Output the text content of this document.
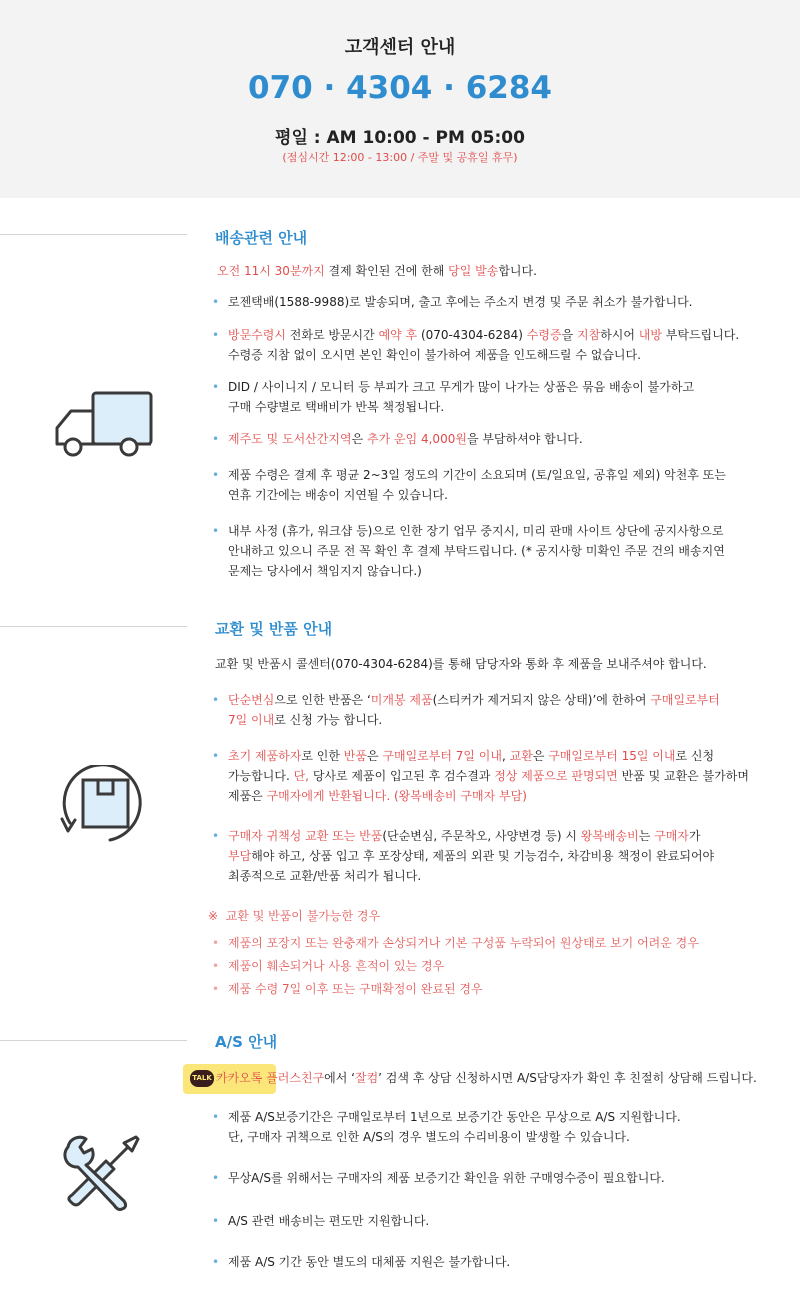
고객센터 안내
070 · 4304 · 6284
평일 : AM 10:00 - PM 05:00
(점심시간 12:00 - 13:00 / 주말 및 공휴일 휴무)
배송관련 안내
오전 11시 30분까지 결제 확인된 건에 한해 당일 발송합니다.
• 로젠택배(1588-9988)로 발송되며, 출고 후에는 주소지 변경 및 주문 취소가 불가합니다.
• 방문수령시 전화로 방문시간 예약 후 (070-4304-6284) 수령증을 지참하시어 내방 부탁드립니다.
수령증 지참 없이 오시면 본인 확인이 불가하여 제품을 인도해드릴 수 없습니다.
• DID / 사이니지 / 모니터 등 부피가 크고 무게가 많이 나가는 상품은 묶음 배송이 불가하고
구매 수량별로 택배비가 반복 책정됩니다.
• 제주도 및 도서산간지역은 추가 운임 4,000원을 부담하셔야 합니다.
• 제품 수령은 결제 후 평균 2~3일 정도의 기간이 소요되며 (토/일요일, 공휴일 제외) 악천후 또는
연휴 기간에는 배송이 지연될 수 있습니다.
• 내부 사정 (휴가, 워크샵 등)으로 인한 장기 업무 중지시, 미리 판매 사이트 상단에 공지사항으로
안내하고 있으니 주문 전 꼭 확인 후 결제 부탁드립니다. (* 공지사항 미확인 주문 건의 배송지연
문제는 당사에서 책임지지 않습니다.)
교환 및 반품 안내
교환 및 반품시 콜센터(070-4304-6284)를 통해 담당자와 통화 후 제품을 보내주셔야 합니다.
• 단순변심으로 인한 반품은 ‘미개봉 제품(스티커가 제거되지 않은 상태)’에 한하여 구매일로부터
7일 이내로 신청 가능 합니다.
• 초기 제품하자로 인한 반품은 구매일로부터 7일 이내, 교환은 구매일로부터 15일 이내로 신청
가능합니다. 단, 당사로 제품이 입고된 후 검수결과 정상 제품으로 판명되면 반품 및 교환은 불가하며
제품은 구매자에게 반환됩니다. (왕복배송비 구매자 부담)
• 구매자 귀책성 교환 또는 반품(단순변심, 주문착오, 사양변경 등) 시 왕복배송비는 구매자가
부담해야 하고, 상품 입고 후 포장상태, 제품의 외관 및 기능검수, 차감비용 책정이 완료되어야
최종적으로 교환/반품 처리가 됩니다.
※ 교환 및 반품이 불가능한 경우
• 제품의 포장지 또는 완충재가 손상되거나 기본 구성품 누락되어 원상태로 보기 어려운 경우
• 제품이 훼손되거나 사용 흔적이 있는 경우
• 제품 수령 7일 이후 또는 구매확정이 완료된 경우
A/S 안내
TALK 카카오톡 플러스친구에서 ‘잘컴’ 검색 후 상담 신청하시면 A/S담당자가 확인 후 친절히 상담해 드립니다.
• 제품 A/S보증기간은 구매일로부터 1년으로 보증기간 동안은 무상으로 A/S 지원합니다.
단, 구매자 귀책으로 인한 A/S의 경우 별도의 수리비용이 발생할 수 있습니다.
• 무상A/S를 위해서는 구매자의 제품 보증기간 확인을 위한 구매영수증이 필요합니다.
• A/S 관련 배송비는 편도만 지원합니다.
• 제품 A/S 기간 동안 별도의 대체품 지원은 불가합니다.
